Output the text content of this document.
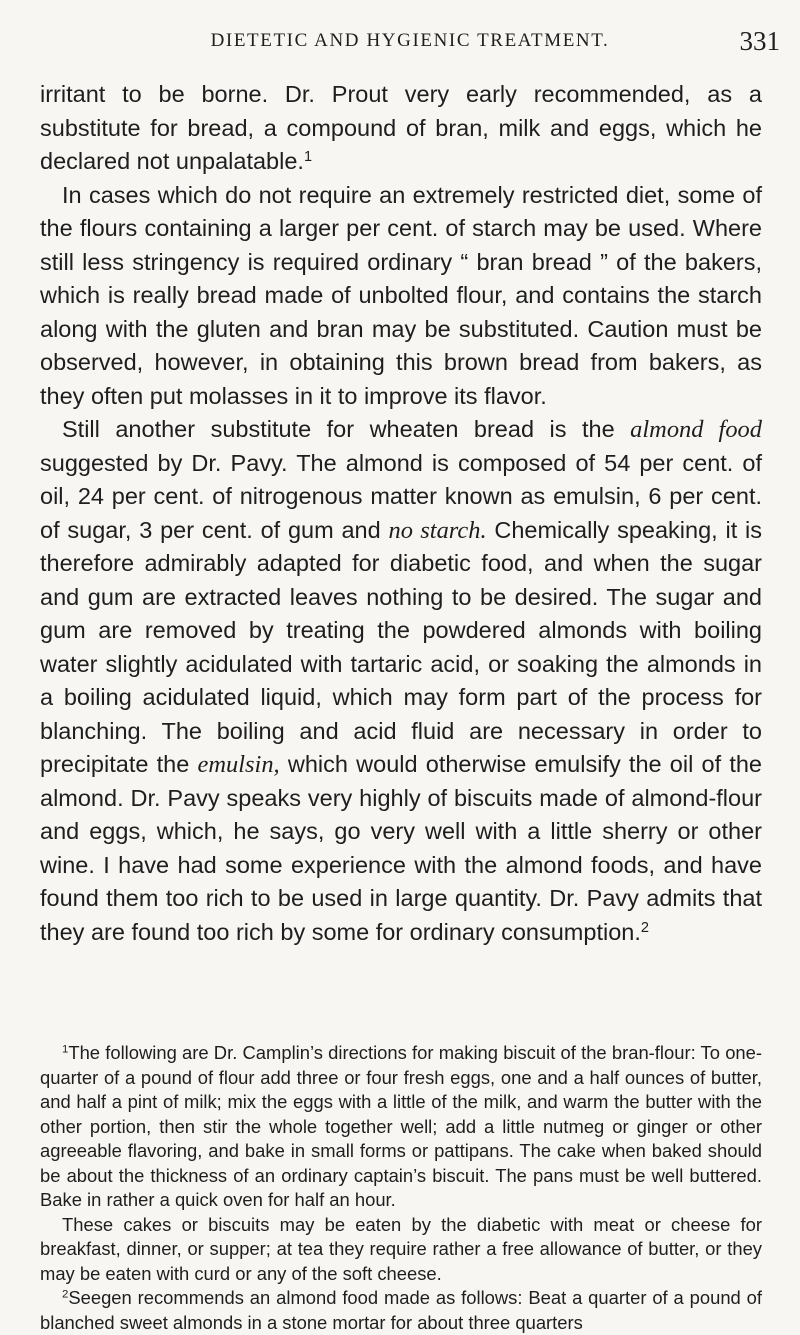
DIETETIC AND HYGIENIC TREATMENT.	331

irritant to be borne. Dr. Prout very early recommended, as a substitute for bread, a compound of bran, milk and eggs, which he declared not unpalatable.$^1$

In cases which do not require an extremely restricted diet, some of the flours containing a larger per cent. of starch may be used. Where still less stringency is required ordinary “ bran bread ” of the bakers, which is really bread made of unbolted flour, and contains the starch along with the gluten and bran may be substituted. Caution must be observed, however, in obtaining this brown bread from bakers, as they often put molasses in it to improve its flavor.

Still another substitute for wheaten bread is the almond food suggested by Dr. Pavy. The almond is composed of 54 per cent. of oil, 24 per cent. of nitrogenous matter known as emulsin, 6 per cent. of sugar, 3 per cent. of gum and no starch. Chemically speaking, it is therefore admirably adapted for diabetic food, and when the sugar and gum are extracted leaves nothing to be desired. The sugar and gum are removed by treating the powdered almonds with boiling water slightly acidulated with tartaric acid, or soaking the almonds in a boiling acidulated liquid, which may form part of the process for blanching. The boiling and acid fluid are necessary in order to precipitate the emulsin, which would otherwise emulsify the oil of the almond. Dr. Pavy speaks very highly of biscuits made of almond-flour and eggs, which, he says, go very well with a little sherry or other wine. I have had some experience with the almond foods, and have found them too rich to be used in large quantity. Dr. Pavy admits that they are found too rich by some for ordinary consumption.$^2$

$^1$The following are Dr. Camplin’s directions for making biscuit of the bran-flour: To one-quarter of a pound of flour add three or four fresh eggs, one and a half ounces of butter, and half a pint of milk; mix the eggs with a little of the milk, and warm the butter with the other portion, then stir the whole together well; add a little nutmeg or ginger or other agreeable flavoring, and bake in small forms or pattipans. The cake when baked should be about the thickness of an ordinary captain’s biscuit. The pans must be well buttered. Bake in rather a quick oven for half an hour.

These cakes or biscuits may be eaten by the diabetic with meat or cheese for breakfast, dinner, or supper; at tea they require rather a free allowance of butter, or they may be eaten with curd or any of the soft cheese.

$^2$Seegen recommends an almond food made as follows: Beat a quarter of a pound of blanched sweet almonds in a stone mortar for about three quarters
